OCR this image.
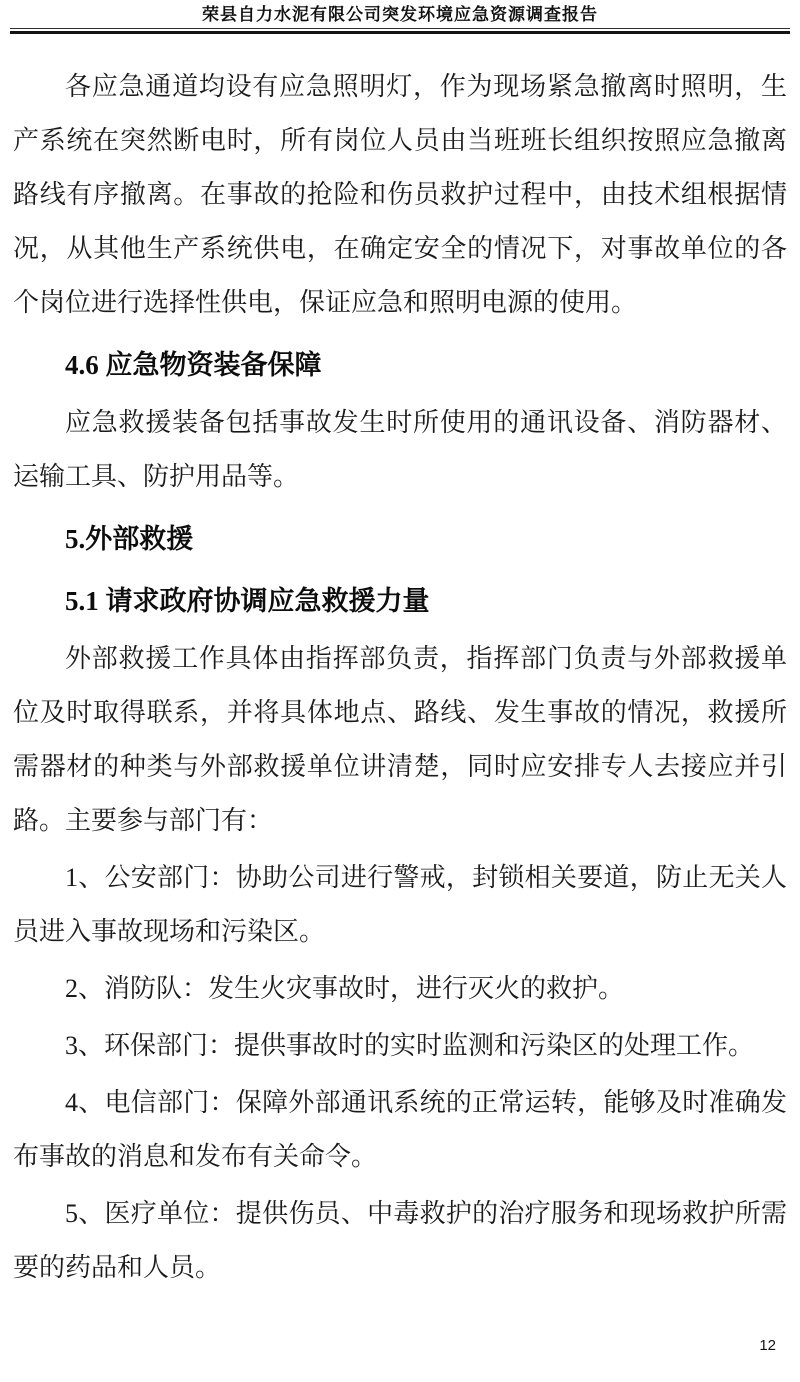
荣县自力水泥有限公司突发环境应急资源调查报告

各应急通道均设有应急照明灯，作为现场紧急撤离时照明，生产系统在突然断电时，所有岗位人员由当班班长组织按照应急撤离路线有序撤离。在事故的抢险和伤员救护过程中，由技术组根据情况，从其他生产系统供电，在确定安全的情况下，对事故单位的各个岗位进行选择性供电，保证应急和照明电源的使用。

4.6 应急物资装备保障

应急救援装备包括事故发生时所使用的通讯设备、消防器材、运输工具、防护用品等。

5.外部救援

5.1 请求政府协调应急救援力量

外部救援工作具体由指挥部负责，指挥部门负责与外部救援单位及时取得联系，并将具体地点、路线、发生事故的情况，救援所需器材的种类与外部救援单位讲清楚，同时应安排专人去接应并引路。主要参与部门有：

1、公安部门：协助公司进行警戒，封锁相关要道，防止无关人员进入事故现场和污染区。

2、消防队：发生火灾事故时，进行灭火的救护。

3、环保部门：提供事故时的实时监测和污染区的处理工作。

4、电信部门：保障外部通讯系统的正常运转，能够及时准确发布事故的消息和发布有关命令。

5、医疗单位：提供伤员、中毒救护的治疗服务和现场救护所需要的药品和人员。

12
